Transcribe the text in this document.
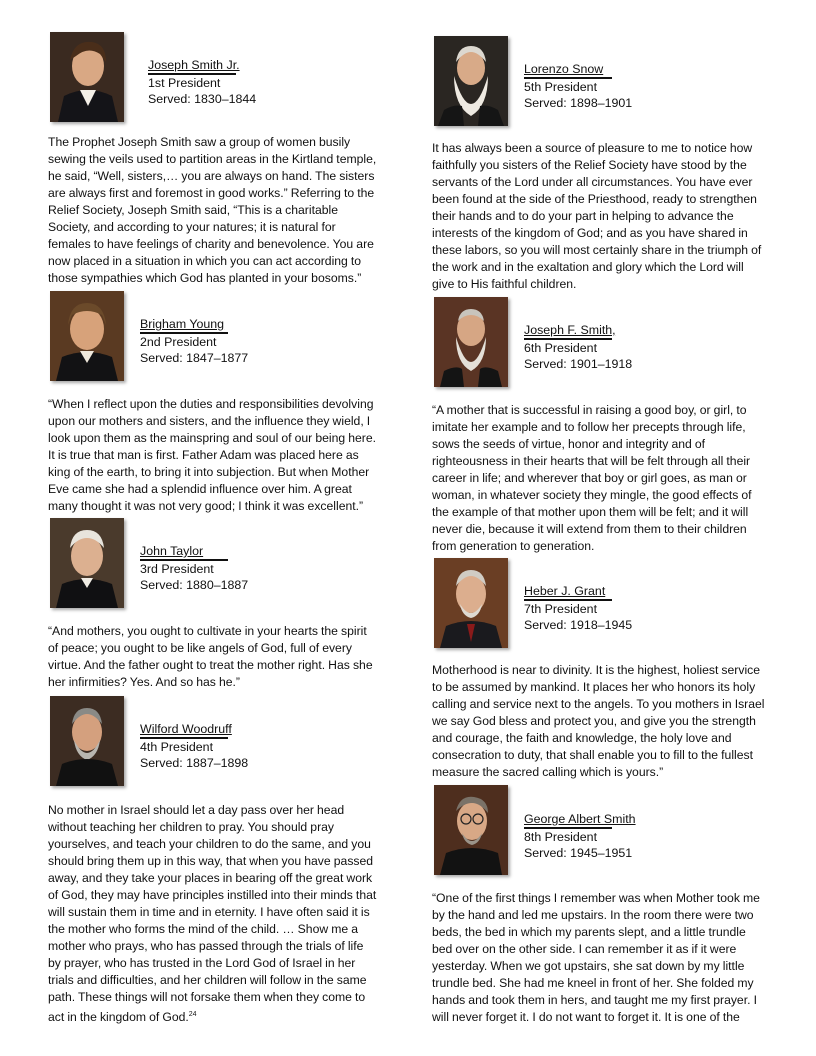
Joseph Smith Jr.
1st President
Served: 1830–1844

The Prophet Joseph Smith saw a group of women busily sewing the veils used to partition areas in the Kirtland temple, he said, “Well, sisters,… you are always on hand. The sisters are always first and foremost in good works.” Referring to the Relief Society, Joseph Smith said, “This is a charitable Society, and according to your natures; it is natural for females to have feelings of charity and benevolence. You are now placed in a situation in which you can act according to those sympathies which God has planted in your bosoms.”

Brigham Young
2nd President
Served: 1847–1877

“When I reflect upon the duties and responsibilities devolving upon our mothers and sisters, and the influence they wield, I look upon them as the mainspring and soul of our being here. It is true that man is first. Father Adam was placed here as king of the earth, to bring it into subjection. But when Mother Eve came she had a splendid influence over him. A great many thought it was not very good; I think it was excellent.”

John Taylor
3rd President
Served: 1880–1887

“And mothers, you ought to cultivate in your hearts the spirit of peace; you ought to be like angels of God, full of every virtue. And the father ought to treat the mother right. Has she her infirmities? Yes. And so has he.”

Wilford Woodruff
4th President
Served: 1887–1898

No mother in Israel should let a day pass over her head without teaching her children to pray. You should pray yourselves, and teach your children to do the same, and you should bring them up in this way, that when you have passed away, and they take your places in bearing off the great work of God, they may have principles instilled into their minds that will sustain them in time and in eternity. I have often said it is the mother who forms the mind of the child. … Show me a mother who prays, who has passed through the trials of life by prayer, who has trusted in the Lord God of Israel in her trials and difficulties, and her children will follow in the same path. These things will not forsake them when they come to act in the kingdom of God.$^{24}$

Lorenzo Snow
5th President
Served: 1898–1901

It has always been a source of pleasure to me to notice how faithfully you sisters of the Relief Society have stood by the servants of the Lord under all circumstances. You have ever been found at the side of the Priesthood, ready to strengthen their hands and to do your part in helping to advance the interests of the kingdom of God; and as you have shared in these labors, so you will most certainly share in the triumph of the work and in the exaltation and glory which the Lord will give to His faithful children.

Joseph F. Smith,
6th President
Served: 1901–1918

“A mother that is successful in raising a good boy, or girl, to imitate her example and to follow her precepts through life, sows the seeds of virtue, honor and integrity and of righteousness in their hearts that will be felt through all their career in life; and wherever that boy or girl goes, as man or woman, in whatever society they mingle, the good effects of the example of that mother upon them will be felt; and it will never die, because it will extend from them to their children from generation to generation.

Heber J. Grant
7th President
Served: 1918–1945

Motherhood is near to divinity. It is the highest, holiest service to be assumed by mankind. It places her who honors its holy calling and service next to the angels. To you mothers in Israel we say God bless and protect you, and give you the strength and courage, the faith and knowledge, the holy love and consecration to duty, that shall enable you to fill to the fullest measure the sacred calling which is yours.”

George Albert Smith
8th President
Served: 1945–1951

“One of the first things I remember was when Mother took me by the hand and led me upstairs. In the room there were two beds, the bed in which my parents slept, and a little trundle bed over on the other side. I can remember it as if it were yesterday. When we got upstairs, she sat down by my little trundle bed. She had me kneel in front of her. She folded my hands and took them in hers, and taught me my first prayer. I will never forget it. I do not want to forget it. It is one of the
